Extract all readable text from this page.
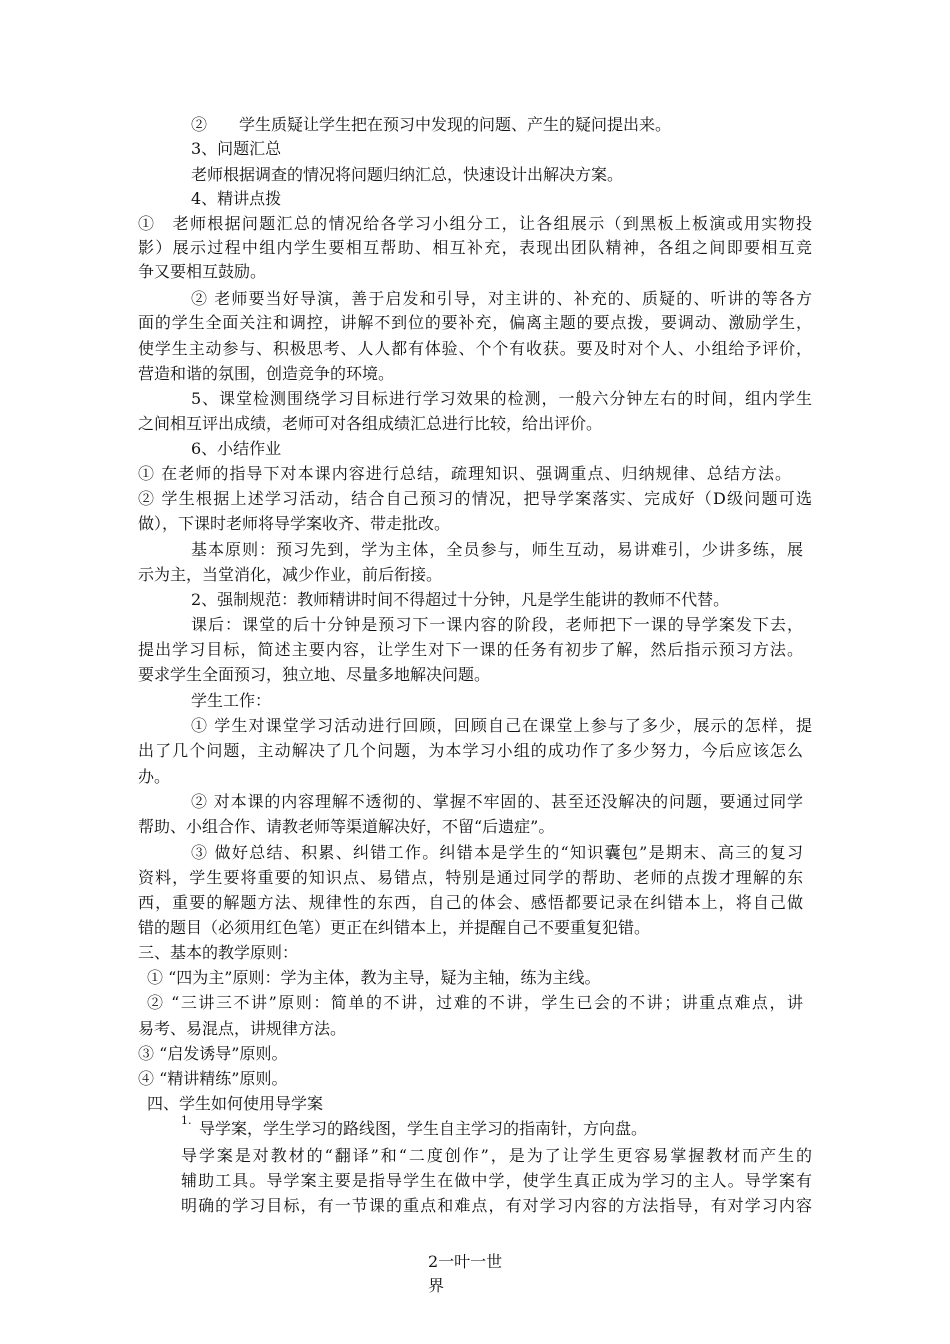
②　　学生质疑让学生把在预习中发现的问题、产生的疑问提出来。
3、问题汇总
老师根据调查的情况将问题归纳汇总，快速设计出解决方案。
4、精讲点拨
①　老师根据问题汇总的情况给各学习小组分工，让各组展示（到黑板上板演或用实物投
影）展示过程中组内学生要相互帮助、相互补充，表现出团队精神，各组之间即要相互竞
争又要相互鼓励。
② 老师要当好导演，善于启发和引导，对主讲的、补充的、质疑的、听讲的等各方
面的学生全面关注和调控，讲解不到位的要补充，偏离主题的要点拨，要调动、激励学生，
使学生主动参与、积极思考、人人都有体验、个个有收获。要及时对个人、小组给予评价，
营造和谐的氛围，创造竞争的环境。
5、课堂检测围绕学习目标进行学习效果的检测，一般六分钟左右的时间，组内学生
之间相互评出成绩，老师可对各组成绩汇总进行比较，给出评价。
6、小结作业
① 在老师的指导下对本课内容进行总结，疏理知识、强调重点、归纳规律、总结方法。
② 学生根据上述学习活动，结合自己预习的情况，把导学案落实、完成好（D级问题可选
做），下课时老师将导学案收齐、带走批改。
基本原则：预习先到，学为主体，全员参与，师生互动，易讲难引，少讲多练，展
示为主，当堂消化，减少作业，前后衔接。
2、强制规范：教师精讲时间不得超过十分钟，凡是学生能讲的教师不代替。
课后：课堂的后十分钟是预习下一课内容的阶段，老师把下一课的导学案发下去，
提出学习目标，简述主要内容，让学生对下一课的任务有初步了解，然后指示预习方法。
要求学生全面预习，独立地、尽量多地解决问题。
学生工作：
① 学生对课堂学习活动进行回顾，回顾自己在课堂上参与了多少，展示的怎样，提
出了几个问题，主动解决了几个问题，为本学习小组的成功作了多少努力，今后应该怎么
办。
② 对本课的内容理解不透彻的、掌握不牢固的、甚至还没解决的问题，要通过同学
帮助、小组合作、请教老师等渠道解决好，不留“后遗症”。
③ 做好总结、积累、纠错工作。纠错本是学生的“知识囊包”是期末、高三的复习
资料，学生要将重要的知识点、易错点，特别是通过同学的帮助、老师的点拨才理解的东
西，重要的解题方法、规律性的东西，自己的体会、感悟都要记录在纠错本上，将自己做
错的题目（必须用红色笔）更正在纠错本上，并提醒自己不要重复犯错。
三、基本的教学原则：
① “四为主”原则：学为主体，教为主导，疑为主轴，练为主线。
② “三讲三不讲”原则：简单的不讲，过难的不讲，学生已会的不讲；讲重点难点，讲
易考、易混点，讲规律方法。
③ “启发诱导”原则。
④ “精讲精练”原则。
四、学生如何使用导学案
1. 导学案，学生学习的路线图，学生自主学习的指南针，方向盘。
导学案是对教材的“翻译”和“二度创作”，是为了让学生更容易掌握教材而产生的
辅助工具。导学案主要是指导学生在做中学，使学生真正成为学习的主人。导学案有
明确的学习目标，有一节课的重点和难点，有对学习内容的方法指导，有对学习内容
2一叶一世
界
